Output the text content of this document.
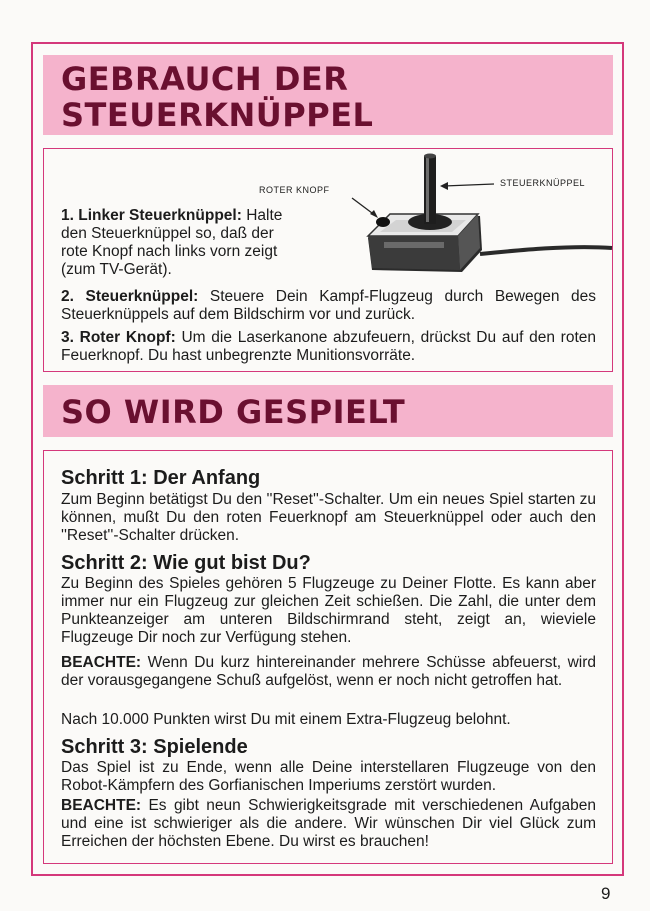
GEBRAUCH DER
STEUERKNÜPPEL
ROTER KNOPF
STEUERKNÜPPEL
1. Linker Steuerknüppel: Halte
den Steuerknüppel so, daß der
rote Knopf nach links vorn zeigt
(zum TV-Gerät).
2. Steuerknüppel: Steuere Dein Kampf-Flugzeug durch Bewegen des Steuerknüppels auf dem Bildschirm vor und zurück.
3. Roter Knopf: Um die Laserkanone abzufeuern, drückst Du auf den roten Feuerknopf. Du hast unbegrenzte Munitionsvorräte.
SO WIRD GESPIELT
Schritt 1: Der Anfang
Zum Beginn betätigst Du den ''Reset''-Schalter. Um ein neues Spiel starten zu können, mußt Du den roten Feuerknopf am Steuerknüppel oder auch den ''Reset''-Schalter drücken.
Schritt 2: Wie gut bist Du?
Zu Beginn des Spieles gehören 5 Flugzeuge zu Deiner Flotte. Es kann aber immer nur ein Flugzeug zur gleichen Zeit schießen. Die Zahl, die unter dem Punkteanzeiger am unteren Bildschirmrand steht, zeigt an, wieviele Flugzeuge Dir noch zur Verfügung stehen.
BEACHTE: Wenn Du kurz hintereinander mehrere Schüsse abfeuerst, wird der vorausgegangene Schuß aufgelöst, wenn er noch nicht getroffen hat.
Nach 10.000 Punkten wirst Du mit einem Extra-Flugzeug belohnt.
Schritt 3: Spielende
Das Spiel ist zu Ende, wenn alle Deine interstellaren Flugzeuge von den Robot-Kämpfern des Gorfianischen Imperiums zerstört wurden.
BEACHTE: Es gibt neun Schwierigkeitsgrade mit verschiedenen Aufgaben und eine ist schwieriger als die andere. Wir wünschen Dir viel Glück zum Erreichen der höchsten Ebene. Du wirst es brauchen!
9
